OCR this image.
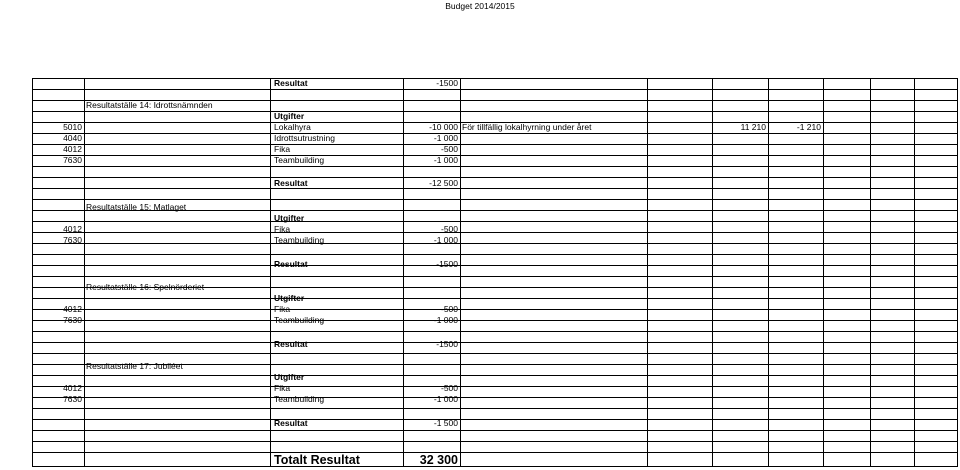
Budget 2014/2015
Resultat	-1500
Resultatställe 14: Idrottsnämnden
Utgifter
5010	Lokalhyra	-10 000 För tillfällig lokalhyrning under året	11 210	-1 210
4040	Idrottsutrustning	-1 000
4012	Fika	-500
7630	Teambuilding	-1 000
Resultat	-12 500
Resultatställe 15: Matlaget
Utgifter
4012	Fika	-500
7630	Teambuilding	-1 000
Resultat	-1500
Resultatställe 16: Spelnörderiet
Utgifter
4012	Fika	-500
7630	Teambuilding	-1 000
Resultat	-1500
Resultatställe 17: Jubiléet
Utgifter
4012	Fika	-500
7630	Teambuilding	-1 000
Resultat	-1 500
Totalt Resultat	32 300
